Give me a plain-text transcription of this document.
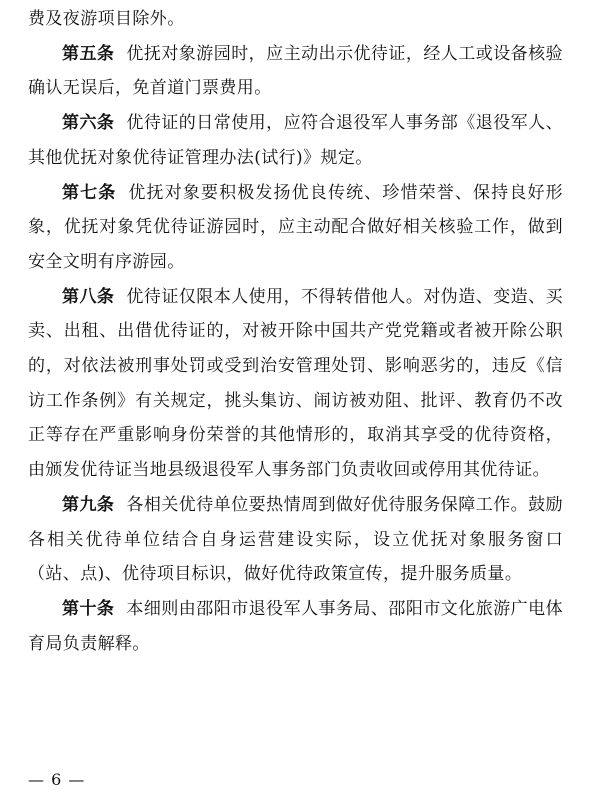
费及夜游项目除外。

第五条 优抚对象游园时，应主动出示优待证，经人工或设备核验确认无误后，免首道门票费用。

第六条 优待证的日常使用，应符合退役军人事务部《退役军人、其他优抚对象优待证管理办法(试行)》规定。

第七条 优抚对象要积极发扬优良传统、珍惜荣誉、保持良好形象，优抚对象凭优待证游园时，应主动配合做好相关核验工作，做到安全文明有序游园。

第八条 优待证仅限本人使用，不得转借他人。对伪造、变造、买卖、出租、出借优待证的，对被开除中国共产党党籍或者被开除公职的，对依法被刑事处罚或受到治安管理处罚、影响恶劣的，违反《信访工作条例》有关规定，挑头集访、闹访被劝阻、批评、教育仍不改正等存在严重影响身份荣誉的其他情形的，取消其享受的优待资格，由颁发优待证当地县级退役军人事务部门负责收回或停用其优待证。

第九条 各相关优待单位要热情周到做好优待服务保障工作。鼓励各相关优待单位结合自身运营建设实际，设立优抚对象服务窗口（站、点)、优待项目标识，做好优待政策宣传，提升服务质量。

第十条 本细则由邵阳市退役军人事务局、邵阳市文化旅游广电体育局负责解释。

— 6 —
